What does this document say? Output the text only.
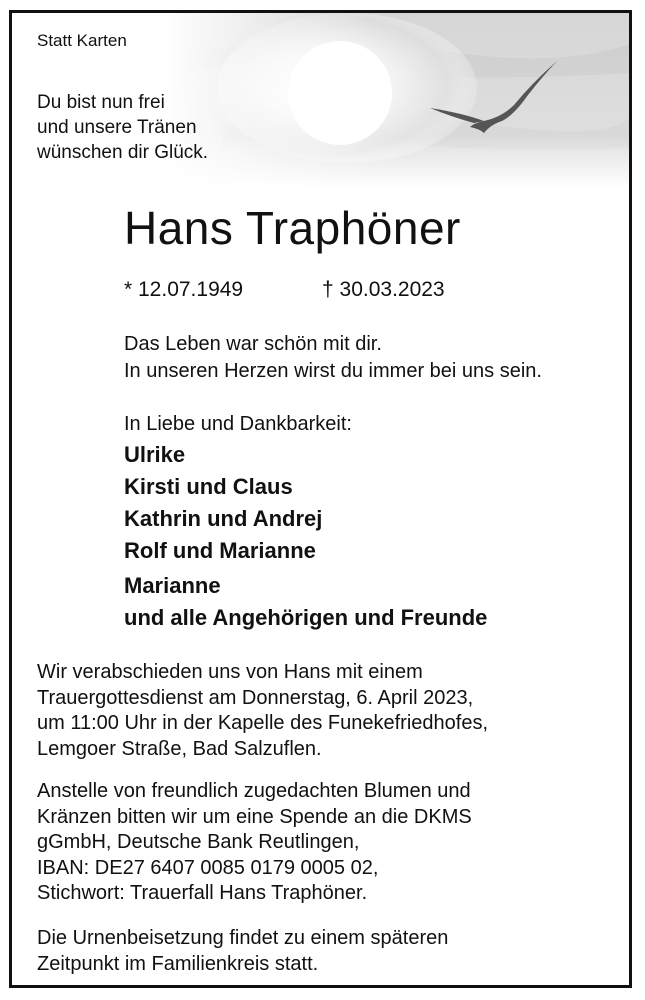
Statt Karten
Du bist nun frei
und unsere Tränen
wünschen dir Glück.
Hans Traphöner
* 12.07.1949	† 30.03.2023
Das Leben war schön mit dir.
In unseren Herzen wirst du immer bei uns sein.
In Liebe und Dankbarkeit:
Ulrike
Kirsti und Claus
Kathrin und Andrej
Rolf und Marianne
Marianne
und alle Angehörigen und Freunde
Wir verabschieden uns von Hans mit einem
Trauergottesdienst am Donnerstag, 6. April 2023,
um 11:00 Uhr in der Kapelle des Funekefriedhofes,
Lemgoer Straße, Bad Salzuflen.
Anstelle von freundlich zugedachten Blumen und
Kränzen bitten wir um eine Spende an die DKMS
gGmbH, Deutsche Bank Reutlingen,
IBAN: DE27 6407 0085 0179 0005 02,
Stichwort: Trauerfall Hans Traphöner.
Die Urnenbeisetzung findet zu einem späteren
Zeitpunkt im Familienkreis statt.
